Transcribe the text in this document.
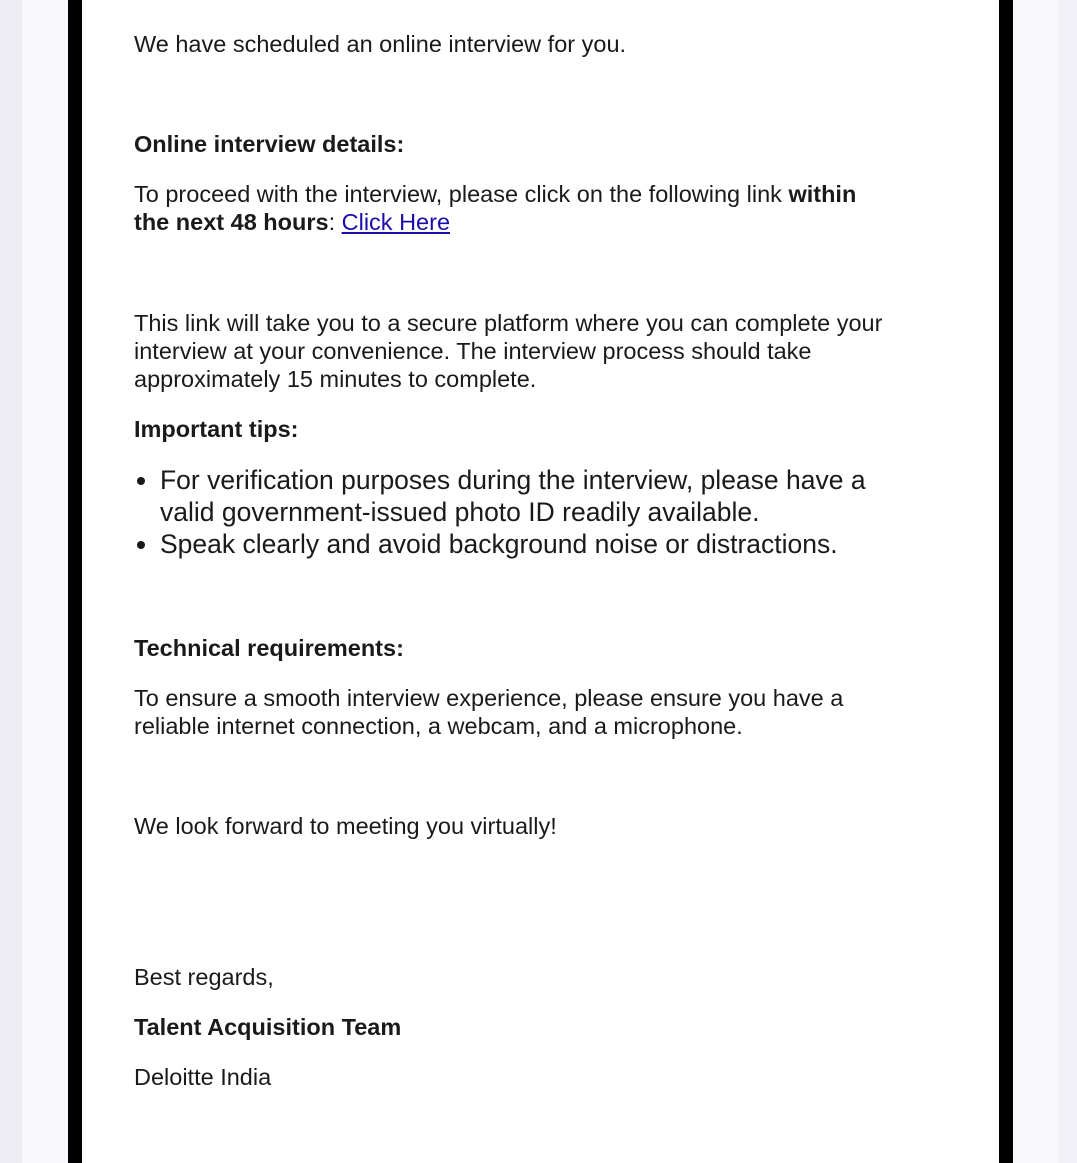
We have scheduled an online interview for you.

Online interview details:

To proceed with the interview, please click on the following link within

the next 48 hours: Click Here

This link will take you to a secure platform where you can complete your

interview at your convenience. The interview process should take

approximately 15 minutes to complete.

Important tips:

For verification purposes during the interview, please have a
valid government-issued photo ID readily available.
Speak clearly and avoid background noise or distractions.

Technical requirements:

To ensure a smooth interview experience, please ensure you have a

reliable internet connection, a webcam, and a microphone.

We look forward to meeting you virtually!

Best regards,

Talent Acquisition Team

Deloitte India
